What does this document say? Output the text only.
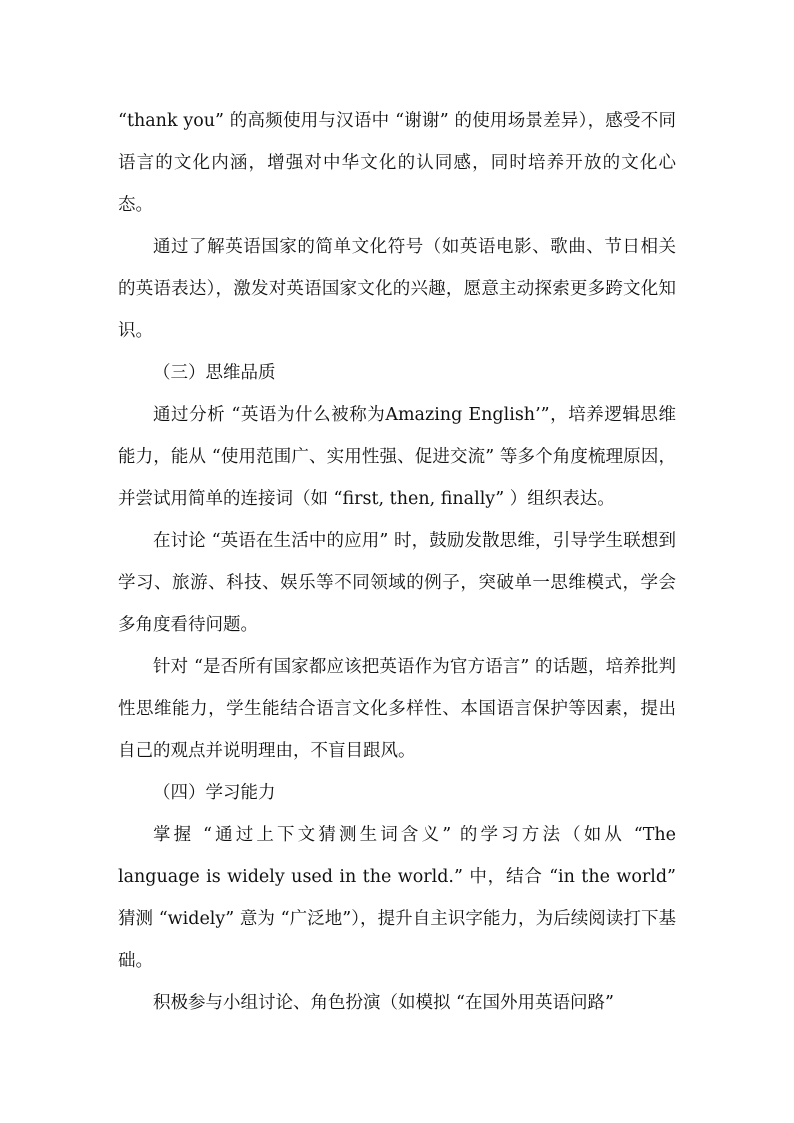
“thank you” 的高频使用与汉语中 “谢谢” 的使用场景差异），感受不同语言的文化内涵，增强对中华文化的认同感，同时培养开放的文化心态。

通过了解英语国家的简单文化符号（如英语电影、歌曲、节日相关的英语表达），激发对英语国家文化的兴趣，愿意主动探索更多跨文化知识。

（三）思维品质

通过分析 “英语为什么被称为Amazing English’”，培养逻辑思维能力，能从 “使用范围广、实用性强、促进交流” 等多个角度梳理原因，并尝试用简单的连接词（如 “first, then, finally” ）组织表达。

在讨论 “英语在生活中的应用” 时，鼓励发散思维，引导学生联想到学习、旅游、科技、娱乐等不同领域的例子，突破单一思维模式，学会多角度看待问题。

针对 “是否所有国家都应该把英语作为官方语言” 的话题，培养批判性思维能力，学生能结合语言文化多样性、本国语言保护等因素，提出自己的观点并说明理由，不盲目跟风。

（四）学习能力

掌握 “通过上下文猜测生词含义” 的学习方法（如从 “The language is widely used in the world.” 中，结合 “in the world” 猜测 “widely” 意为 “广泛地”），提升自主识字能力，为后续阅读打下基础。

积极参与小组讨论、角色扮演（如模拟 “在国外用英语问路”
